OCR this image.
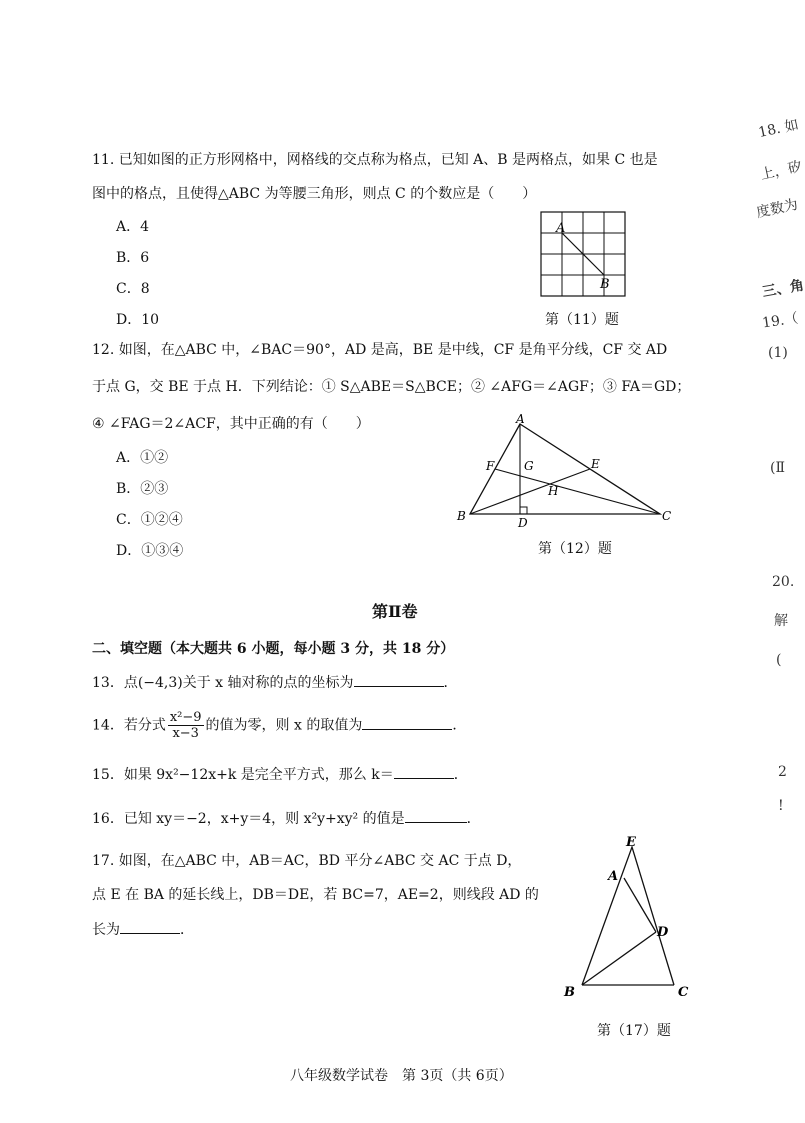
11. 已知如图的正方形网格中，网格线的交点称为格点，已知 A、B 是两格点，如果 C 也是
图中的格点，且使得△ABC 为等腰三角形，则点 C 的个数应是（　　）
A．4
B．6
C．8
D．10
A
B
第（11）题
12. 如图，在△ABC 中，∠BAC＝90°，AD 是高，BE 是中线，CF 是角平分线，CF 交 AD
于点 G，交 BE 于点 H．下列结论：① S△ABE＝S△BCE；② ∠AFG＝∠AGF；③ FA＝GD；
④ ∠FAG＝2∠ACF，其中正确的有（　　）
A．①②
B．②③
C．①②④
D．①③④
A
B	C
D
E
F G
H
第（12）题
第Ⅱ卷
二、填空题（本大题共 6 小题，每小题 3 分，共 18 分）
13．点(−4,3)关于 x 轴对称的点的坐标为	．
14．若分式 $\frac{\text{x²−9}}{x-3}$ 的值为零，则 x 的取值为	．
15．如果 9x²−12x+k 是完全平方式，那么 k＝	．
16．已知 xy＝−2，x+y＝4，则 x²y+xy² 的值是	．
17. 如图，在△ABC 中，AB＝AC，BD 平分∠ABC 交 AC 于点 D，
点 E 在 BA 的延长线上，DB＝DE，若 BC=7，AE=2，则线段 AD 的
长为	．
E
A
D
B	C
第（17）题
八年级数学试卷　第 3页（共 6页）
18. 如
上，矽
度数为
三、角
19.（
(1)
(Ⅱ
20.
解
(
2
!
